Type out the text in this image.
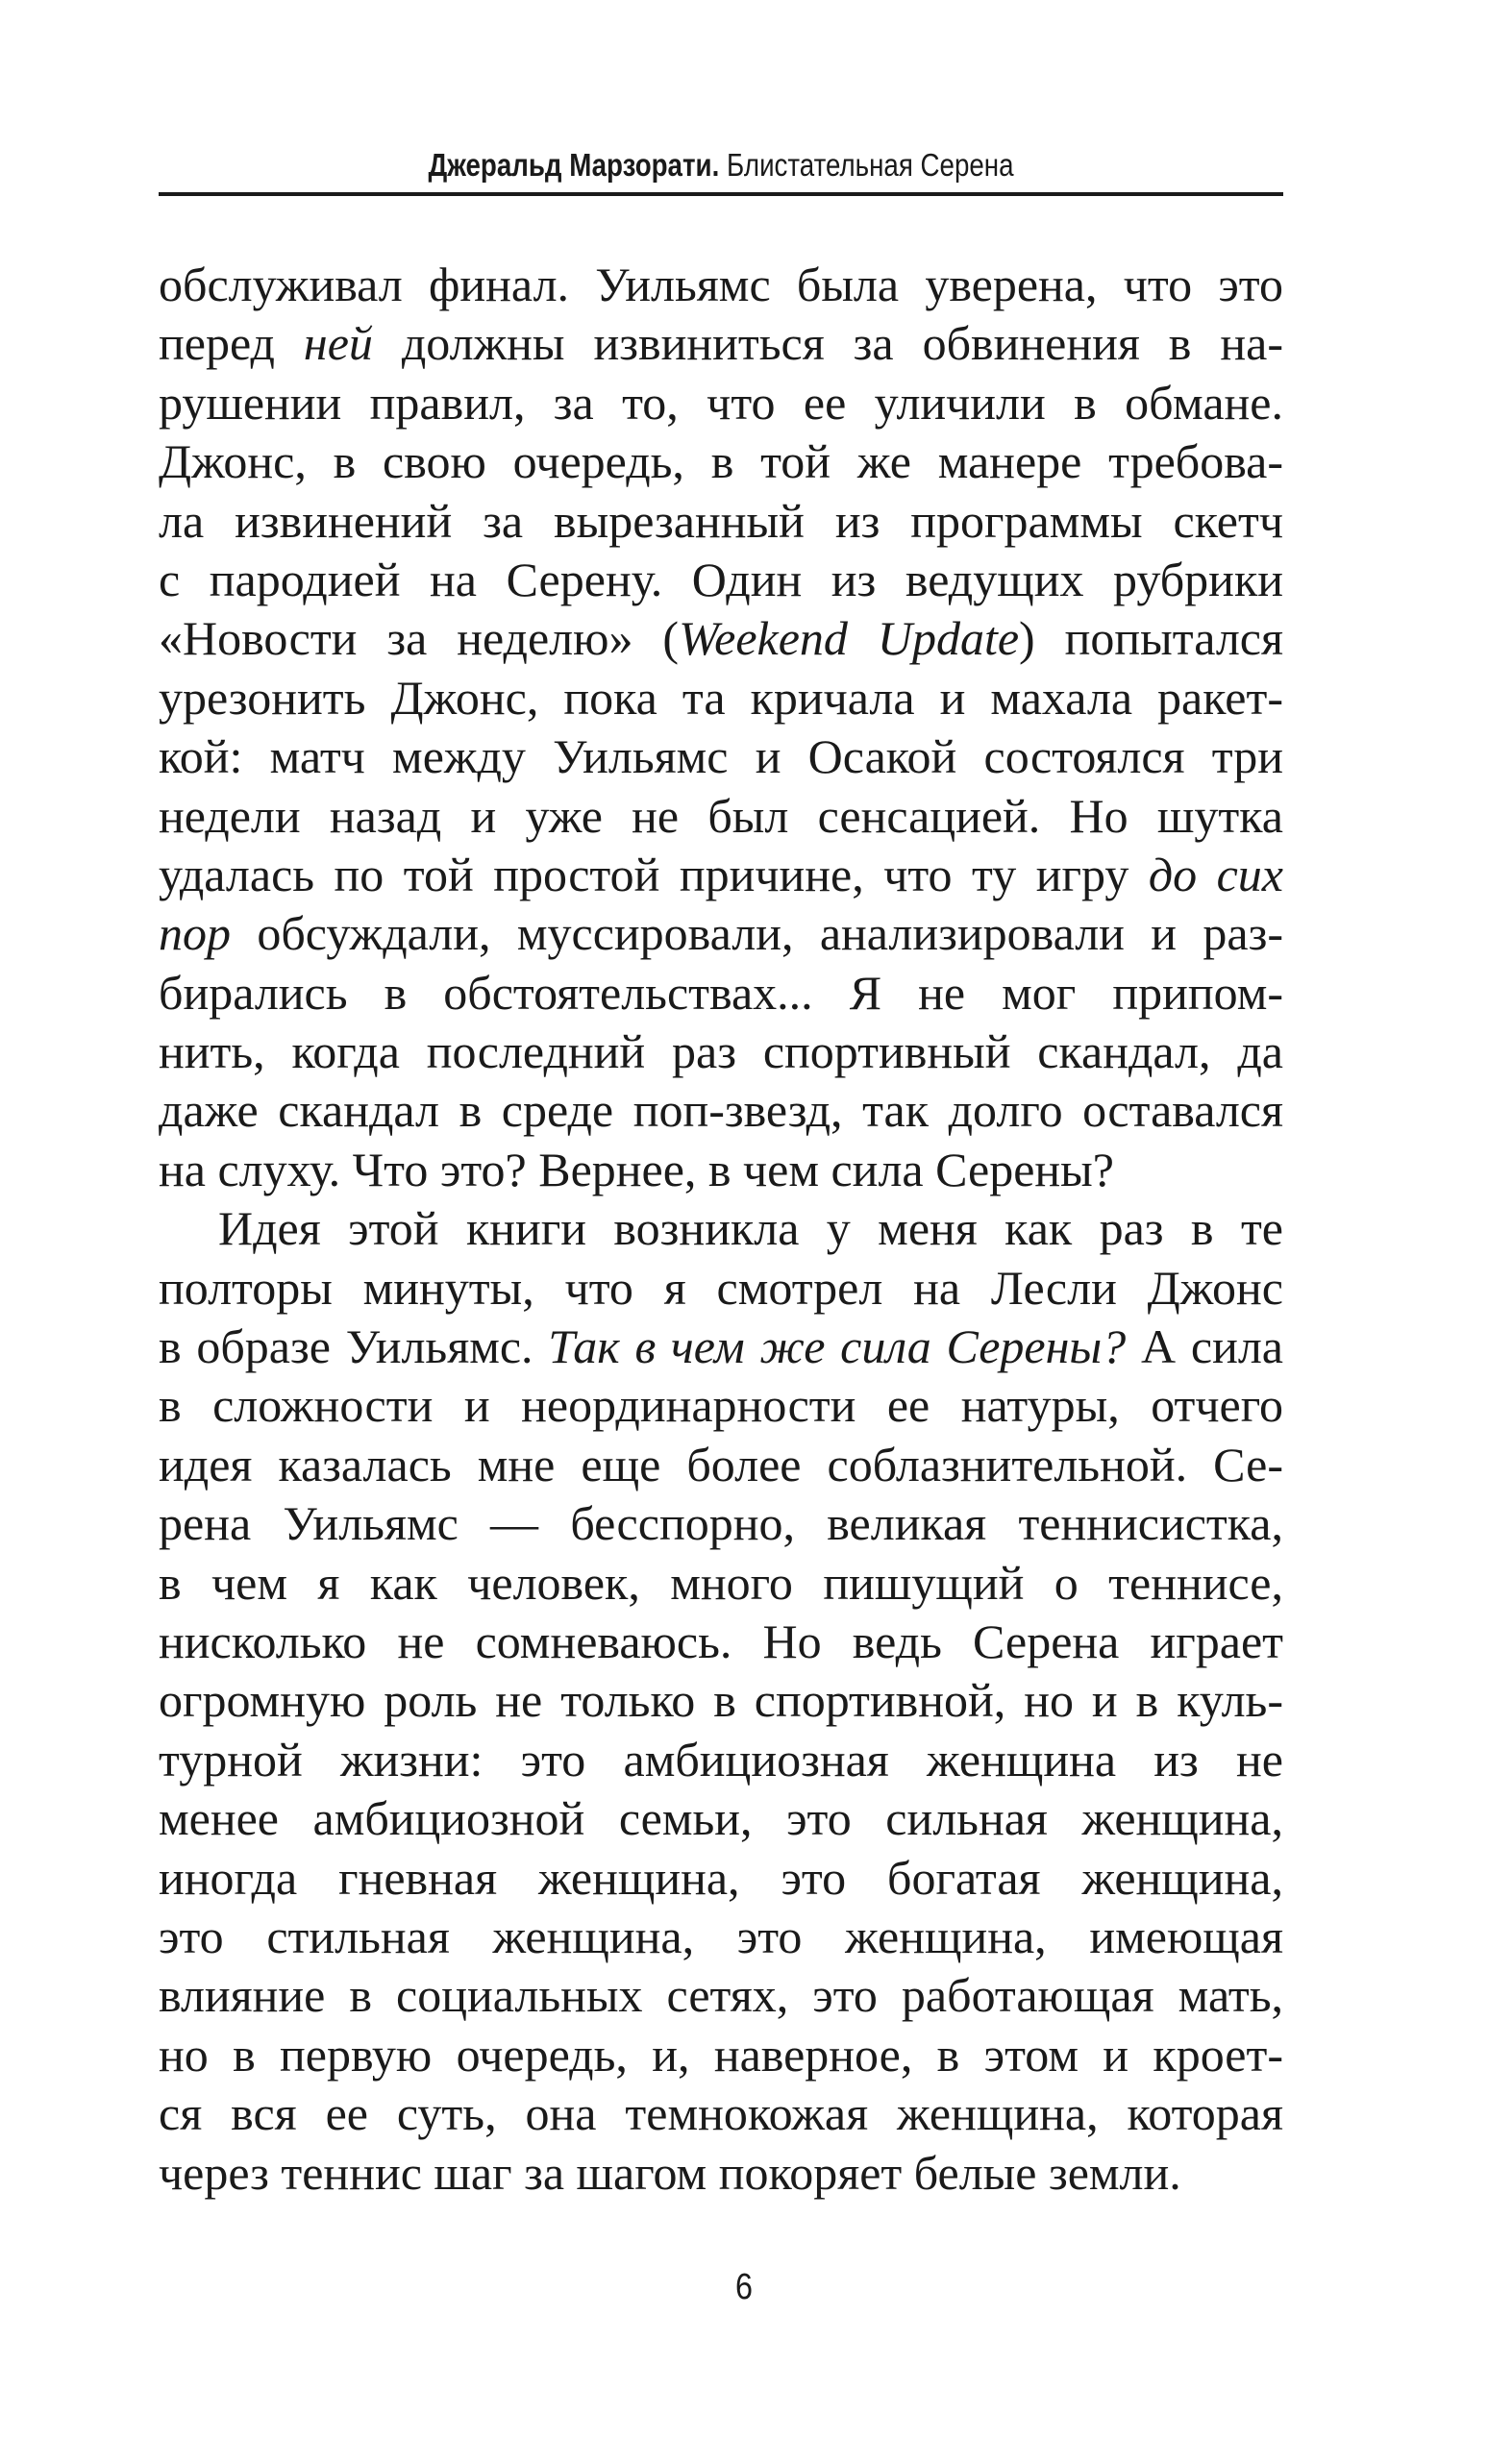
Джеральд Марзорати. Блистательная Серена
обслуживал финал. Уильямс была уверена, что это
перед ней должны извиниться за обвинения в на-
рушении правил, за то, что ее уличили в обмане.
Джонс, в свою очередь, в той же манере требова-
ла извинений за вырезанный из программы скетч
с пародией на Серену. Один из ведущих рубрики
«Новости за неделю» (Weekend Update) попытался
урезонить Джонс, пока та кричала и махала ракет-
кой: матч между Уильямс и Осакой состоялся три
недели назад и уже не был сенсацией. Но шутка
удалась по той простой причине, что ту игру до сих
пор обсуждали, муссировали, анализировали и раз-
бирались в обстоятельствах... Я не мог припом-
нить, когда последний раз спортивный скандал, да
даже скандал в среде поп-звезд, так долго оставался
на слуху. Что это? Вернее, в чем сила Серены?
Идея этой книги возникла у меня как раз в те
полторы минуты, что я смотрел на Лесли Джонс
в образе Уильямс. Так в чем же сила Серены? А сила
в сложности и неординарности ее натуры, отчего
идея казалась мне еще более соблазнительной. Се-
рена Уильямс — бесспорно, великая теннисистка,
в чем я как человек, много пишущий о теннисе,
нисколько не сомневаюсь. Но ведь Серена играет
огромную роль не только в спортивной, но и в куль-
турной жизни: это амбициозная женщина из не
менее амбициозной семьи, это сильная женщина,
иногда гневная женщина, это богатая женщина,
это стильная женщина, это женщина, имеющая
влияние в социальных сетях, это работающая мать,
но в первую очередь, и, наверное, в этом и кроет-
ся вся ее суть, она темнокожая женщина, которая
через теннис шаг за шагом покоряет белые земли.
6
